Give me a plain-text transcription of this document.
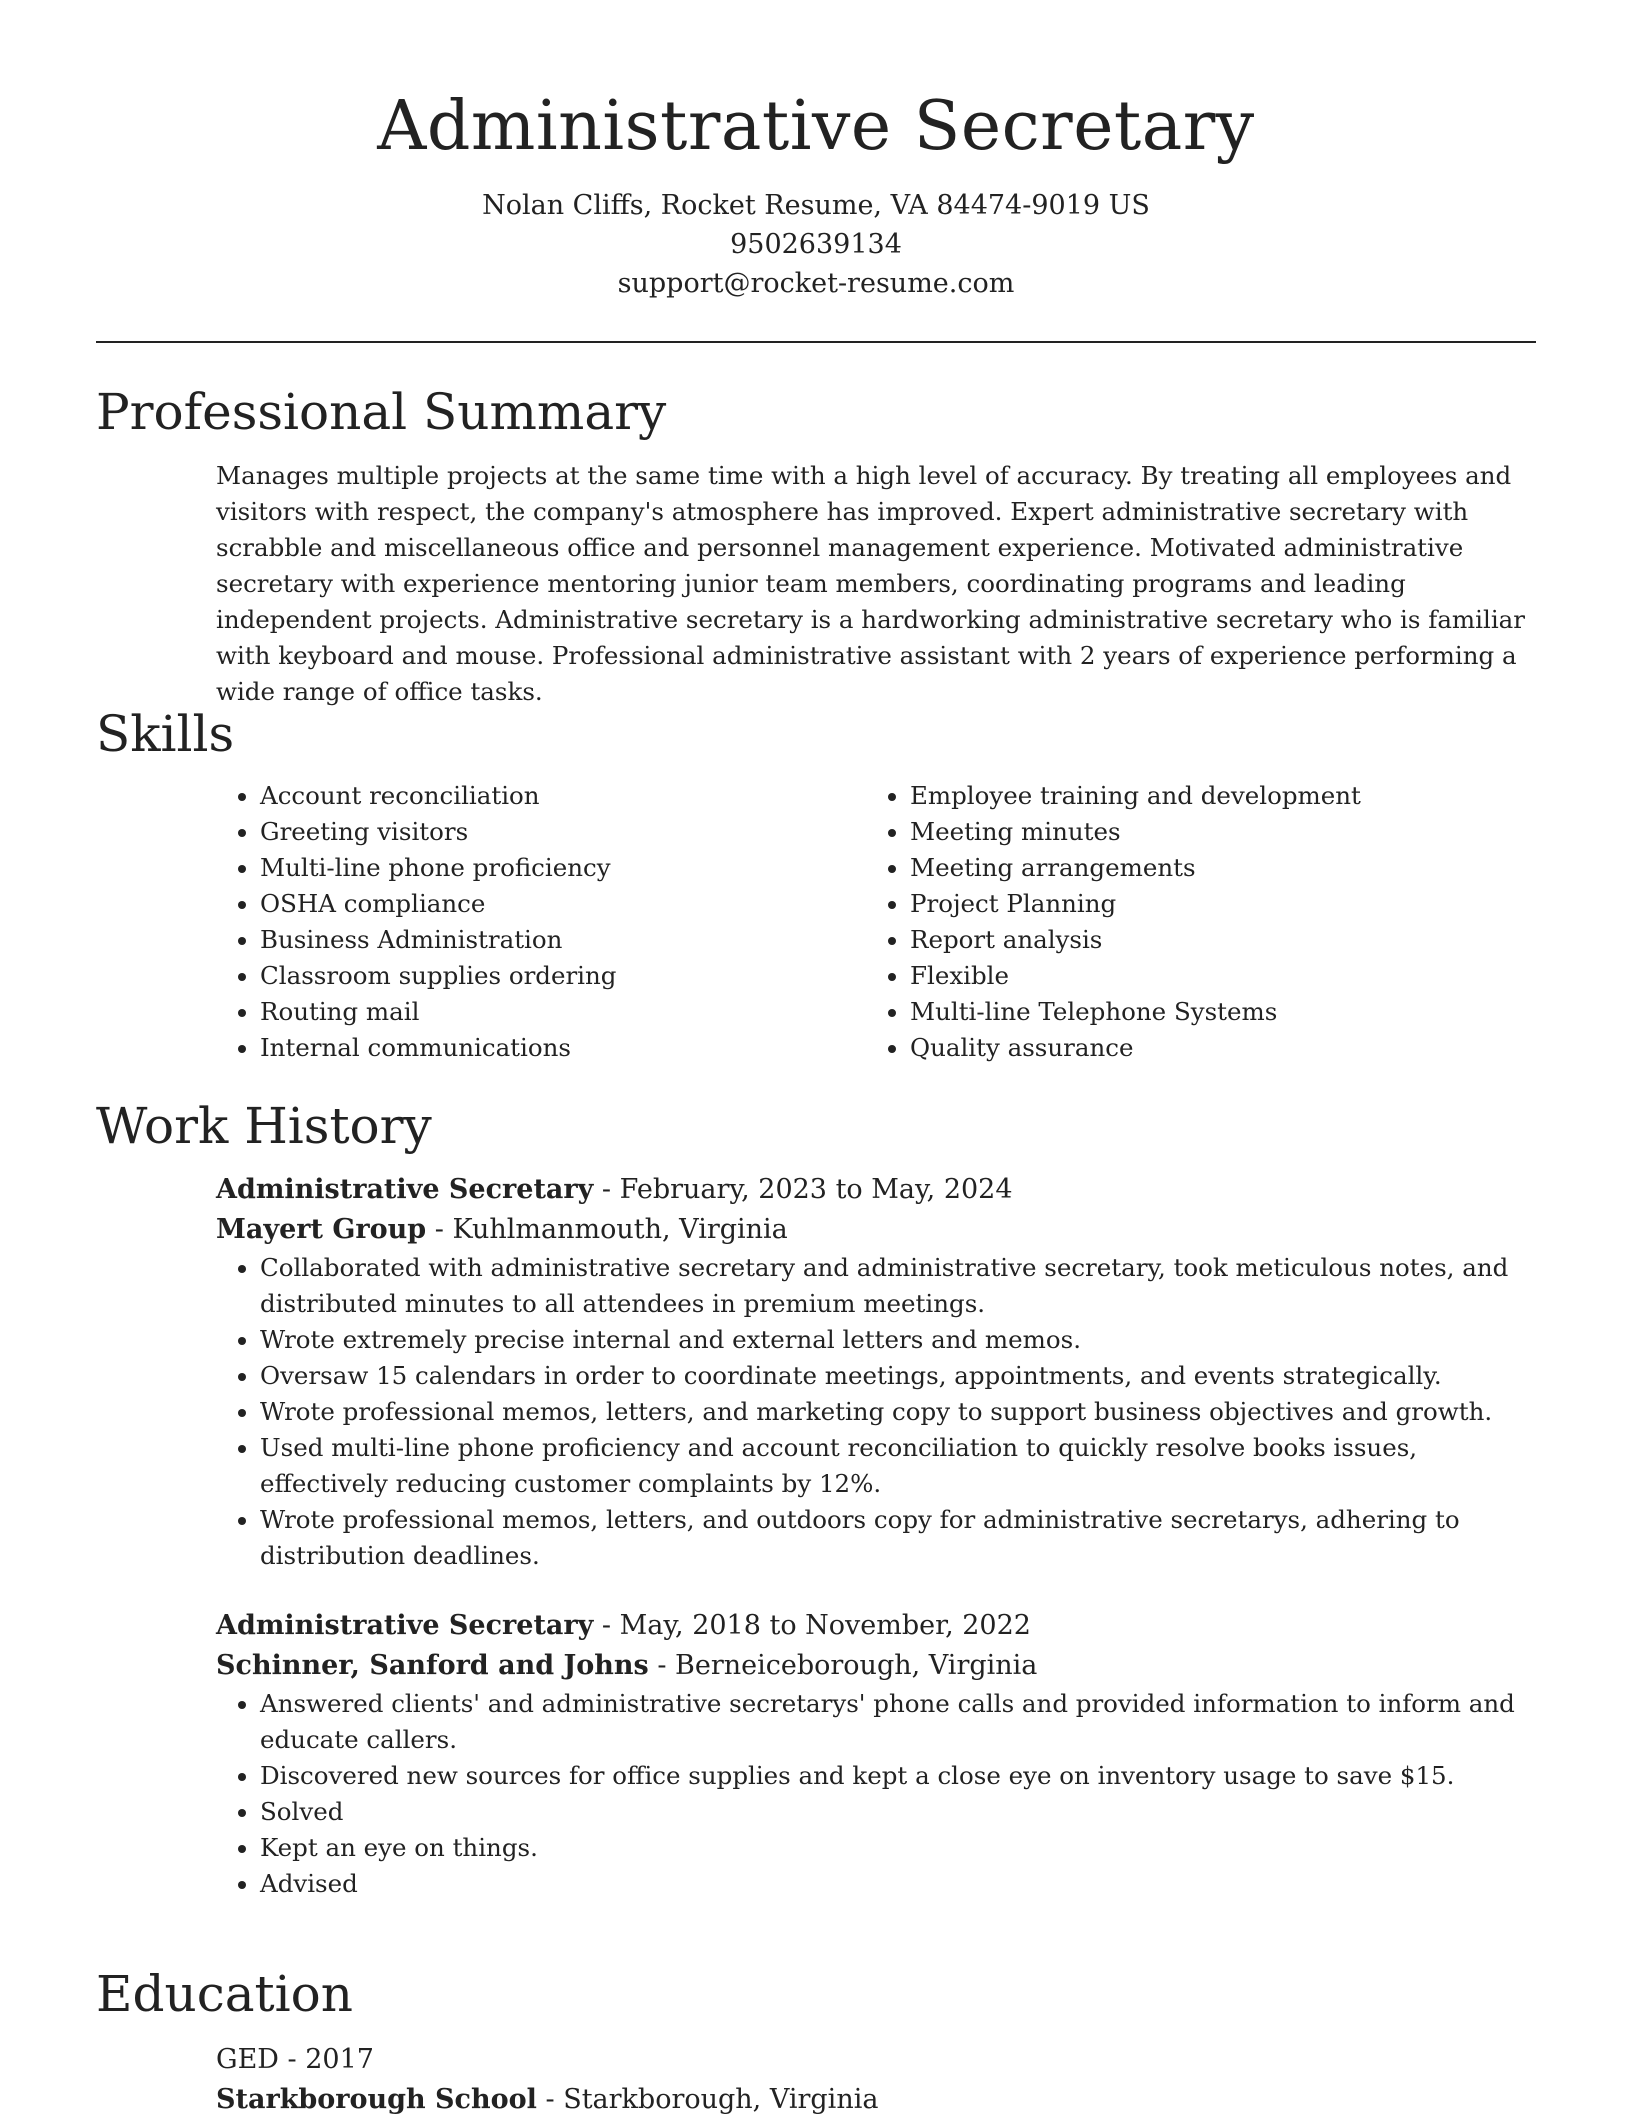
Administrative Secretary
Nolan Cliffs, Rocket Resume, VA 84474-9019 US
9502639134
support@rocket-resume.com
Professional Summary

Manages multiple projects at the same time with a high level of accuracy. By treating all employees and visitors with respect, the company's atmosphere has improved. Expert administrative secretary with scrabble and miscellaneous office and personnel management experience. Motivated administrative secretary with experience mentoring junior team members, coordinating programs and leading independent projects. Administrative secretary is a hardworking administrative secretary who is familiar with keyboard and mouse. Professional administrative assistant with 2 years of experience performing a wide range of office tasks.

Skills
• Account reconciliation
• Greeting visitors
• Multi-line phone proficiency
• OSHA compliance
• Business Administration
• Classroom supplies ordering
• Routing mail
• Internal communications
• Employee training and development
• Meeting minutes
• Meeting arrangements
• Project Planning
• Report analysis
• Flexible
• Multi-line Telephone Systems
• Quality assurance
Work History
Administrative Secretary - February, 2023 to May, 2024
Mayert Group - Kuhlmanmouth, Virginia
• Collaborated with administrative secretary and administrative secretary, took meticulous notes, and distributed minutes to all attendees in premium meetings.
• Wrote extremely precise internal and external letters and memos.
• Oversaw 15 calendars in order to coordinate meetings, appointments, and events strategically.
• Wrote professional memos, letters, and marketing copy to support business objectives and growth.
• Used multi-line phone proficiency and account reconciliation to quickly resolve books issues, effectively reducing customer complaints by 12%.
• Wrote professional memos, letters, and outdoors copy for administrative secretarys, adhering to distribution deadlines.
Administrative Secretary - May, 2018 to November, 2022
Schinner, Sanford and Johns - Berneiceborough, Virginia
• Answered clients' and administrative secretarys' phone calls and provided information to inform and educate callers.
• Discovered new sources for office supplies and kept a close eye on inventory usage to save $15.
• Solved
• Kept an eye on things.
• Advised
Education
GED - 2017
Starkborough School - Starkborough, Virginia
